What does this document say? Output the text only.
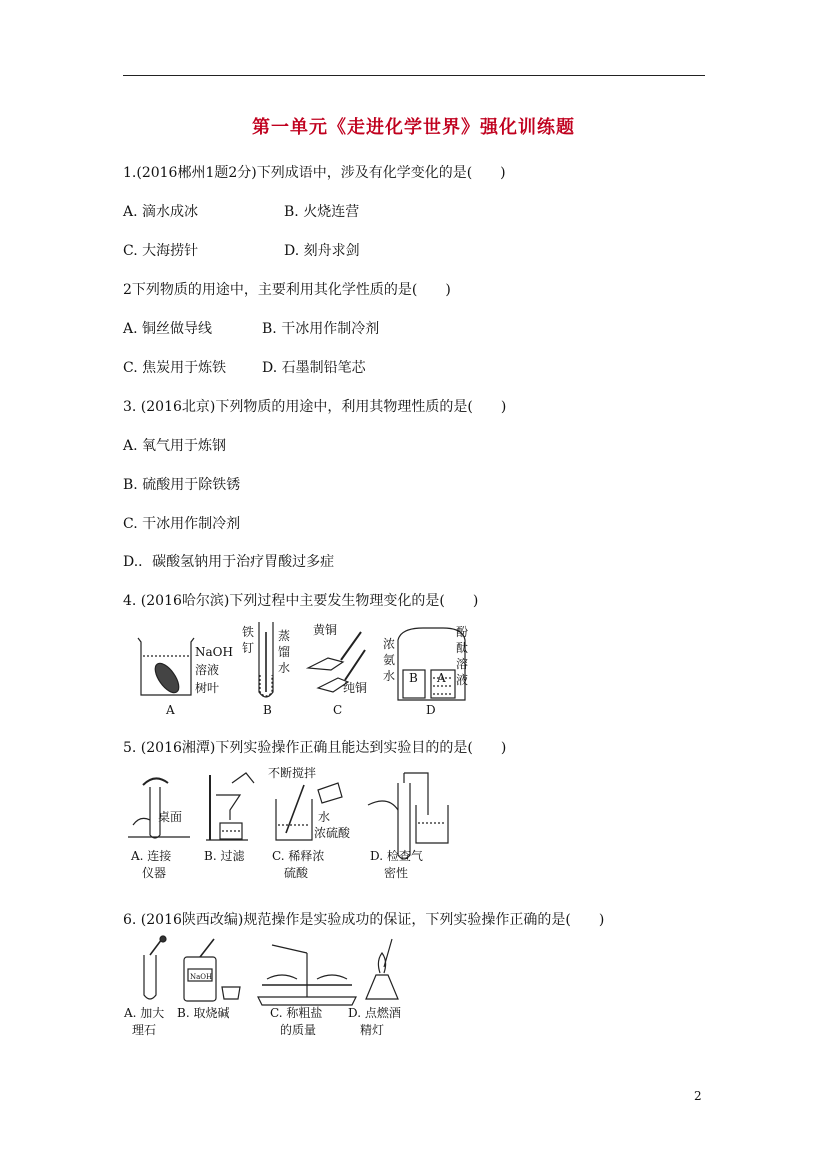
第一单元《走进化学世界》强化训练题
1.(2016郴州1题2分)下列成语中，涉及有化学变化的是(　　)
A. 滴水成冰	B. 火烧连营
C. 大海捞针	D. 刻舟求剑
2下列物质的用途中，主要利用其化学性质的是(　　)
A. 铜丝做导线	B. 干冰用作制冷剂
C. 焦炭用于炼铁	D. 石墨制铅笔芯
3. (2016北京)下列物质的用途中，利用其物理性质的是(　　)
A. 氧气用于炼钢
B. 硫酸用于除铁锈
C. 干冰用作制冷剂
D.．碳酸氢钠用于治疗胃酸过多症
4. (2016哈尔滨)下列过程中主要发生物理变化的是(　　)
NaOH
溶液
树叶
铁
钉
蒸
馏
水
黄铜
纯铜
浓
氨
水
酚
酞
溶
液
B A
A	B	C	D
5. (2016湘潭)下列实验操作正确且能达到实验目的的是(　　)
桌面
不断搅拌
水
浓硫酸
A. 连接
仪器
B. 过滤 C. 稀释浓
硫酸
D. 检查气
密性
6. (2016陕西改编)规范操作是实验成功的保证，下列实验操作正确的是(　　)
NaOH
A. 加大
理石
B. 取烧碱	C. 称粗盐
的质量
D. 点燃酒
精灯
2
